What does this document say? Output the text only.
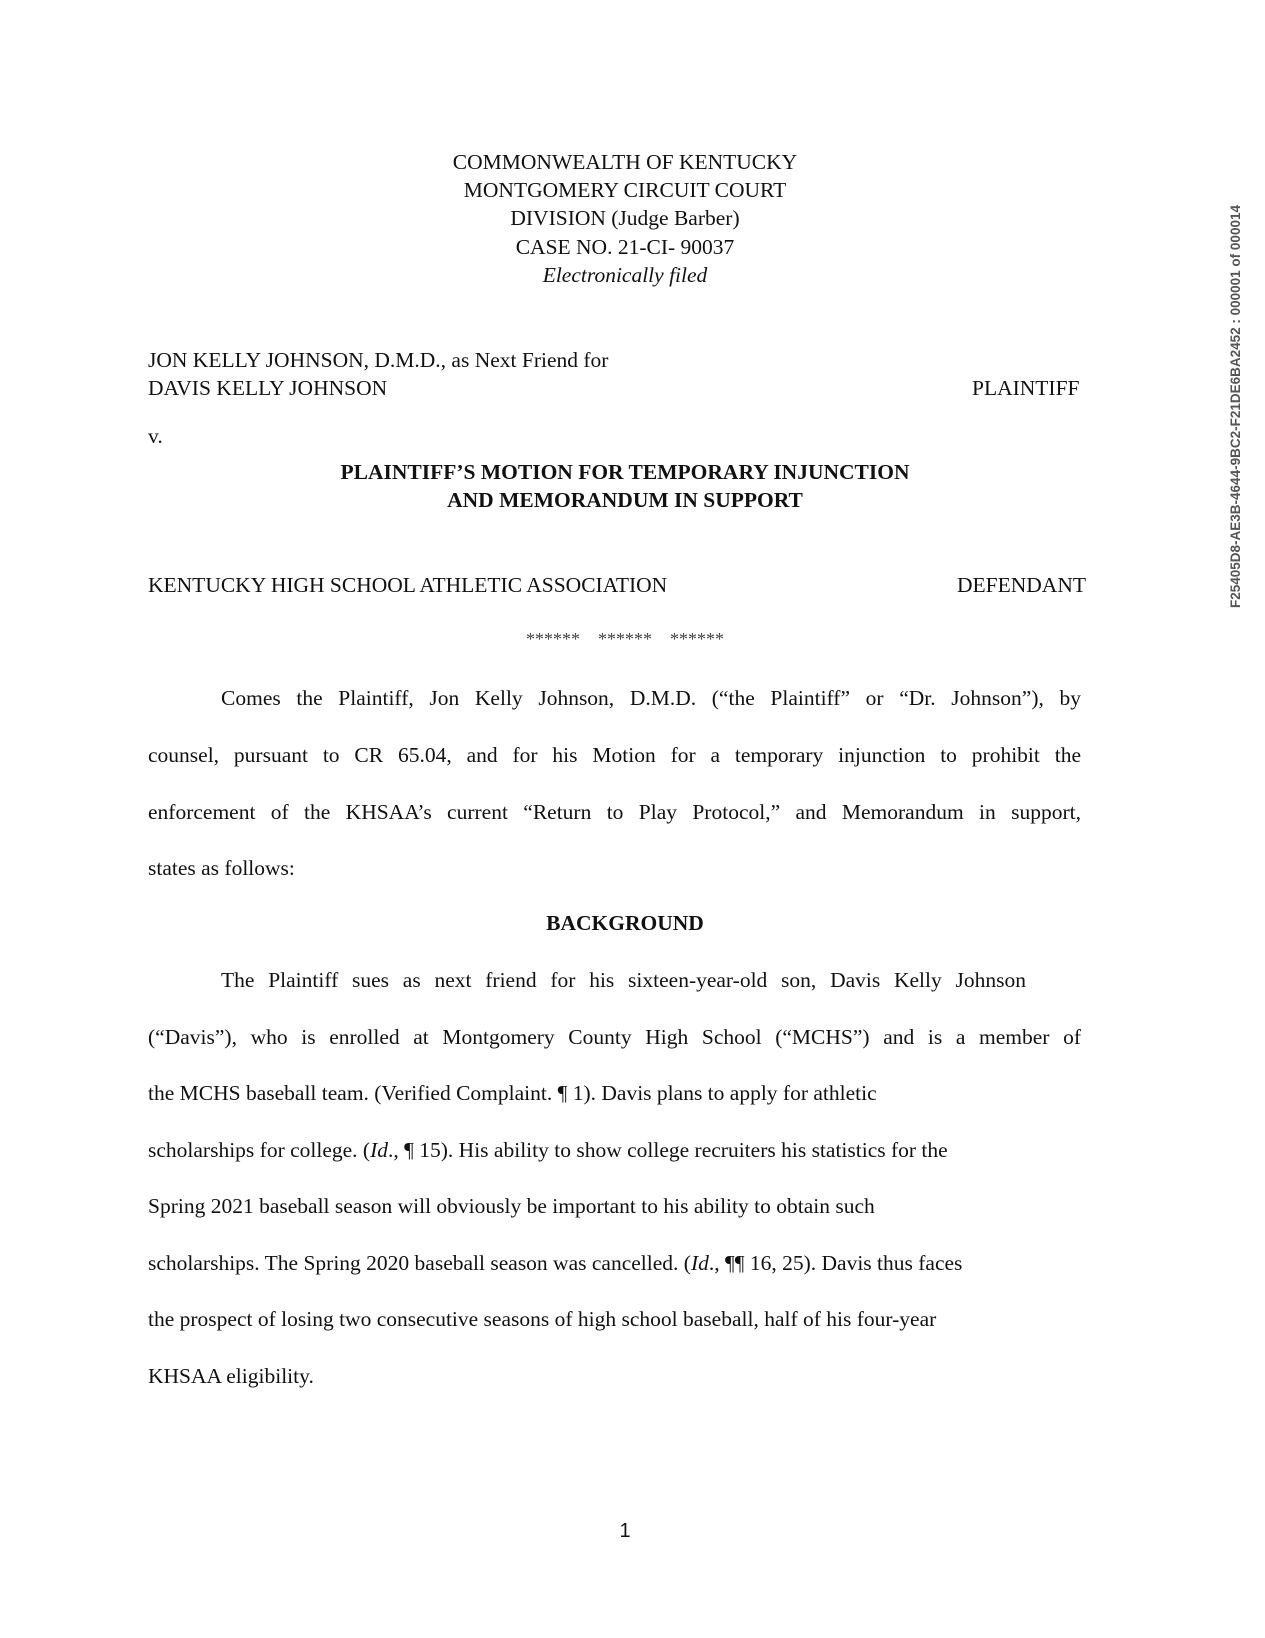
F25405D8-AE3B-4644-9BC2-F21DE6BA2452 : 000001 of 000014
COMMONWEALTH OF KENTUCKY
MONTGOMERY CIRCUIT COURT
DIVISION (Judge Barber)
CASE NO. 21-CI- 90037
Electronically filed
JON KELLY JOHNSON, D.M.D., as Next Friend for
DAVIS KELLY JOHNSON	PLAINTIFF
v.
PLAINTIFF’S MOTION FOR TEMPORARY INJUNCTION
AND MEMORANDUM IN SUPPORT
KENTUCKY HIGH SCHOOL ATHLETIC ASSOCIATION	DEFENDANT
******    ******    ******
Comes the Plaintiff, Jon Kelly Johnson, D.M.D. (“the Plaintiff” or “Dr. Johnson”), by
counsel, pursuant to CR 65.04, and for his Motion for a temporary injunction to prohibit the
enforcement of the KHSAA’s current “Return to Play Protocol,” and Memorandum in support,
states as follows:
BACKGROUND
The Plaintiff sues as next friend for his sixteen-year-old son, Davis Kelly Johnson
(“Davis”), who is enrolled at Montgomery County High School (“MCHS”) and is a member of
the MCHS baseball team. (Verified Complaint. ¶ 1). Davis plans to apply for athletic
scholarships for college. (Id., ¶ 15). His ability to show college recruiters his statistics for the
Spring 2021 baseball season will obviously be important to his ability to obtain such
scholarships. The Spring 2020 baseball season was cancelled. (Id., ¶¶ 16, 25). Davis thus faces
the prospect of losing two consecutive seasons of high school baseball, half of his four-year
KHSAA eligibility.
1
